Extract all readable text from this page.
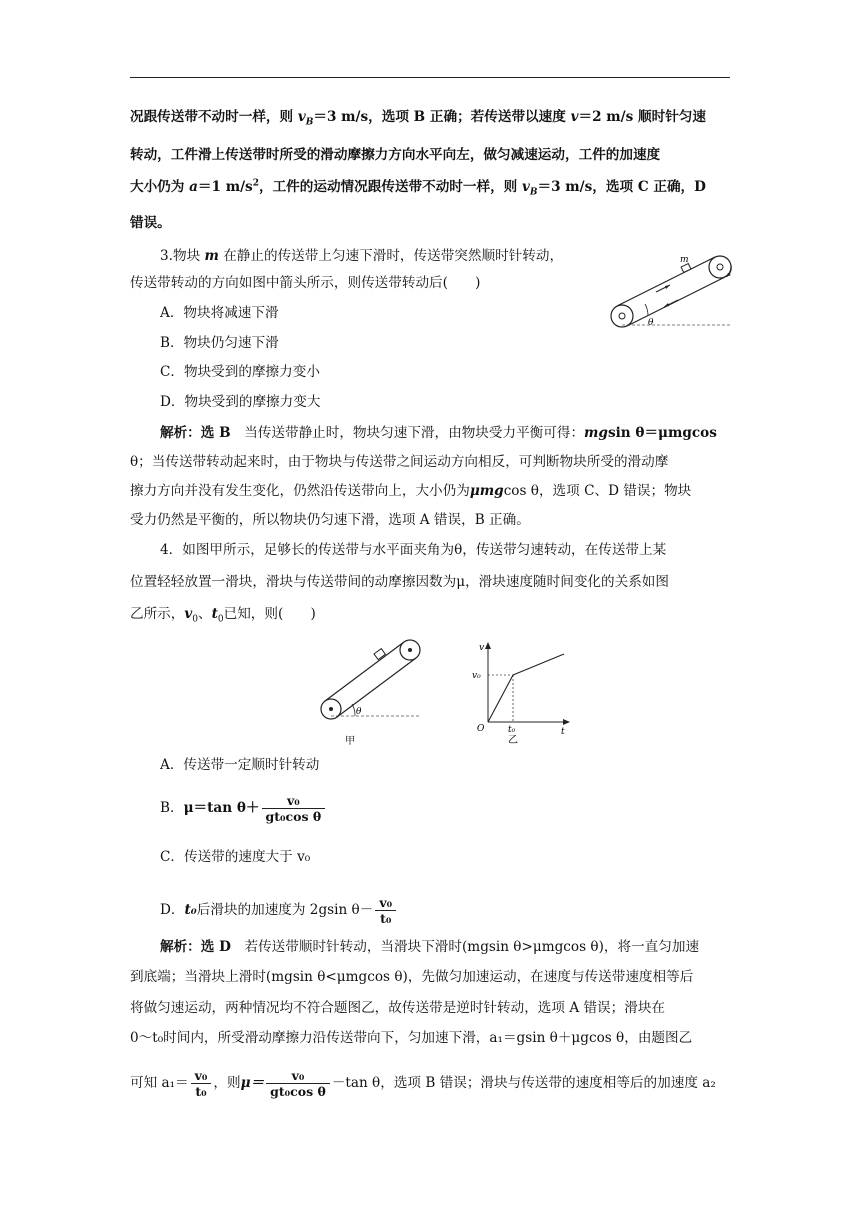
况跟传送带不动时一样，则 $v_B=3$ m/s，选项 B 正确；若传送带以速度 v＝2 m/s 顺时针匀速
转动，工件滑上传送带时所受的滑动摩擦力方向水平向左，做匀减速运动，工件的加速度
大小仍为 a＝1 $m/s^2$，工件的运动情况跟传送带不动时一样，则 $v_B=3$ m/s，选项 C 正确，D
错误。
3.物块 m 在静止的传送带上匀速下滑时，传送带突然顺时针转动，
传送带转动的方向如图中箭头所示，则传送带转动后(　　)
A．物块将减速下滑
B．物块仍匀速下滑
C．物块受到的摩擦力变小
D．物块受到的摩擦力变大
m
θ
解析：选 B　当传送带静止时，物块匀速下滑，由物块受力平衡可得：mgsin θ＝μmgcos
θ；当传送带转动起来时，由于物块与传送带之间运动方向相反，可判断物块所受的滑动摩
擦力方向并没有发生变化，仍然沿传送带向上，大小仍为μmgcos θ，选项 C、D 错误；物块
受力仍然是平衡的，所以物块仍匀速下滑，选项 A 错误，B 正确。
4．如图甲所示，足够长的传送带与水平面夹角为θ，传送带匀速转动，在传送带上某
位置轻轻放置一滑块，滑块与传送带间的动摩擦因数为μ，滑块速度随时间变化的关系如图
乙所示，$v_0$、$t_0$已知，则(　　)
θ
甲
v
t
O
v₀
t₀
乙
A．传送带一定顺时针转动
B．μ＝tan $\theta+ \frac{\text{v₀}}{\text{gt₀cos θ}}$
C．传送带的速度大于 v₀
D．t₀后滑块的加速度为 2gsin $\theta- \frac{\text{v₀}}{\text{t₀}}$
解析：选 D　若传送带顺时针转动，当滑块下滑时(mgsin θ>μmgcos θ)，将一直匀加速
到底端；当滑块上滑时(mgsin θ<μmgcos θ)，先做匀加速运动，在速度与传送带速度相等后
将做匀速运动，两种情况均不符合题图乙，故传送带是逆时针转动，选项 A 错误；滑块在
0～t₀时间内，所受滑动摩擦力沿传送带向下，匀加速下滑，a₁＝gsin θ＋μgcos θ，由题图乙
可知 $a_1= \frac{\text{v₀}}{\text{t₀}}$ ，则$\mu= \frac{\text{v₀}}{\text{gt₀cos θ}} -\tan$ θ，选项 B 错误；滑块与传送带的速度相等后的加速度 a₂
